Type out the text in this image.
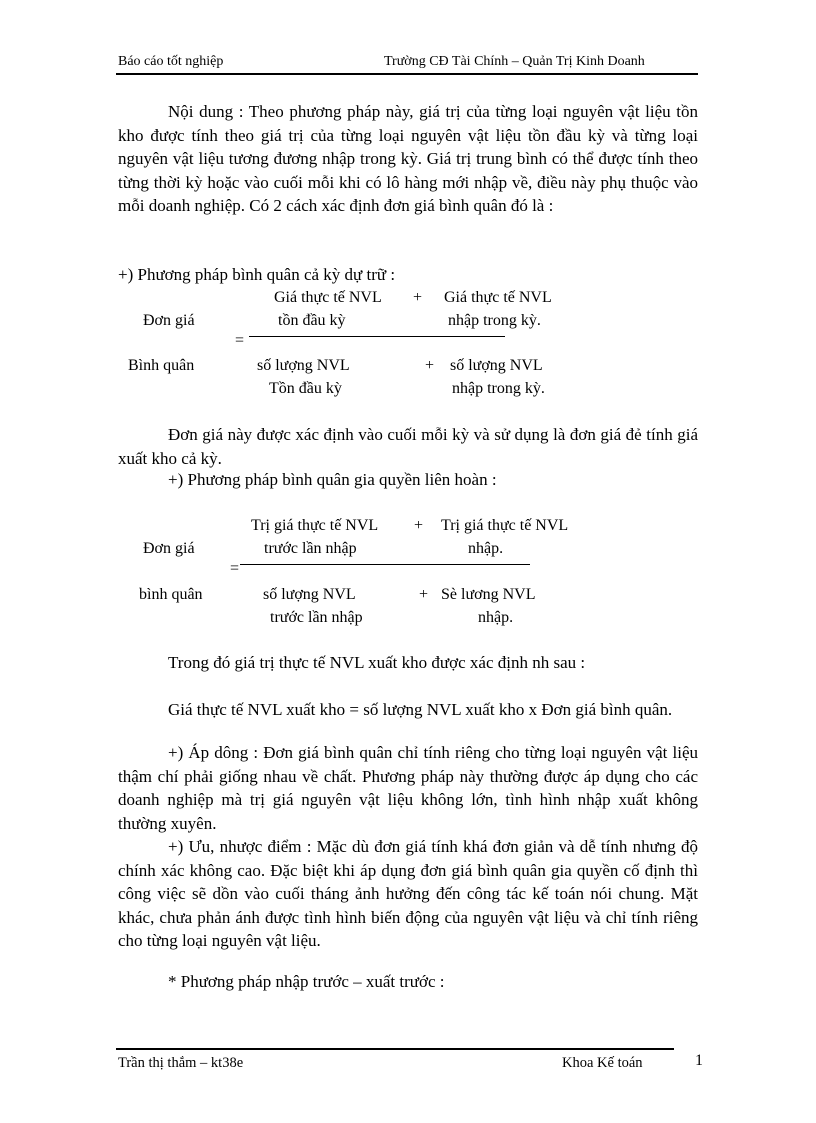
Báo cáo tốt nghiệp	Trường CĐ Tài Chính – Quản Trị Kinh Doanh
Nội dung : Theo phương pháp này, giá trị của từng loại nguyên vật liệu tồn kho được tính theo giá trị của từng loại nguyên vật liệu tồn đầu kỳ và từng loại nguyên vật liệu tương đương nhập trong kỳ. Giá trị trung bình có thể được tính theo từng thời kỳ hoặc vào cuối mỗi khi có lô hàng mới nhập về, điều này phụ thuộc vào mỗi doanh nghiệp. Có 2 cách xác định đơn giá bình quân đó là :
+) Phương pháp bình quân cả kỳ dự trữ :
Đơn giá
Bình quân
=
Giá thực tế NVL
tồn đầu kỳ
+ Giá thực tế NVL
nhập trong kỳ.
số lượng NVL
Tồn đầu kỳ
+ số lượng NVL
nhập trong kỳ.
Đơn giá này được xác định vào cuối mỗi kỳ và sử dụng là đơn giá đẻ tính giá xuất kho cả kỳ.
+) Phương pháp bình quân gia quyền liên hoàn :
Đơn giá
bình quân
=
Trị giá thực tế NVL
trước lần nhập
+ Trị giá thực tế NVL
nhập.
số lượng NVL
trước lần nhập
+ Sè lương NVL
nhập.
Trong đó giá trị thực tế NVL xuất kho được xác định nh sau :
Giá thực tế NVL xuất kho = số lượng NVL xuất kho x Đơn giá bình quân.
+) Áp dông : Đơn giá bình quân chỉ tính riêng cho từng loại nguyên vật liệu thậm chí phải giống nhau về chất. Phương pháp này thường được áp dụng cho các doanh nghiệp mà trị giá nguyên vật liệu không lớn, tình hình nhập xuất không thường xuyên.
+) Ưu, nhược điểm : Mặc dù đơn giá tính khá đơn giản và dễ tính nhưng độ chính xác không cao. Đặc biệt khi áp dụng đơn giá bình quân gia quyền cố định thì công việc sẽ dồn vào cuối tháng ảnh hưởng đến công tác kế toán nói chung. Mặt khác, chưa phản ánh được tình hình biến động của nguyên vật liệu và chỉ tính riêng cho từng loại nguyên vật liệu.
* Phương pháp nhập trước – xuất trước :
Trần thị thắm – kt38e	Khoa Kế toán	1
